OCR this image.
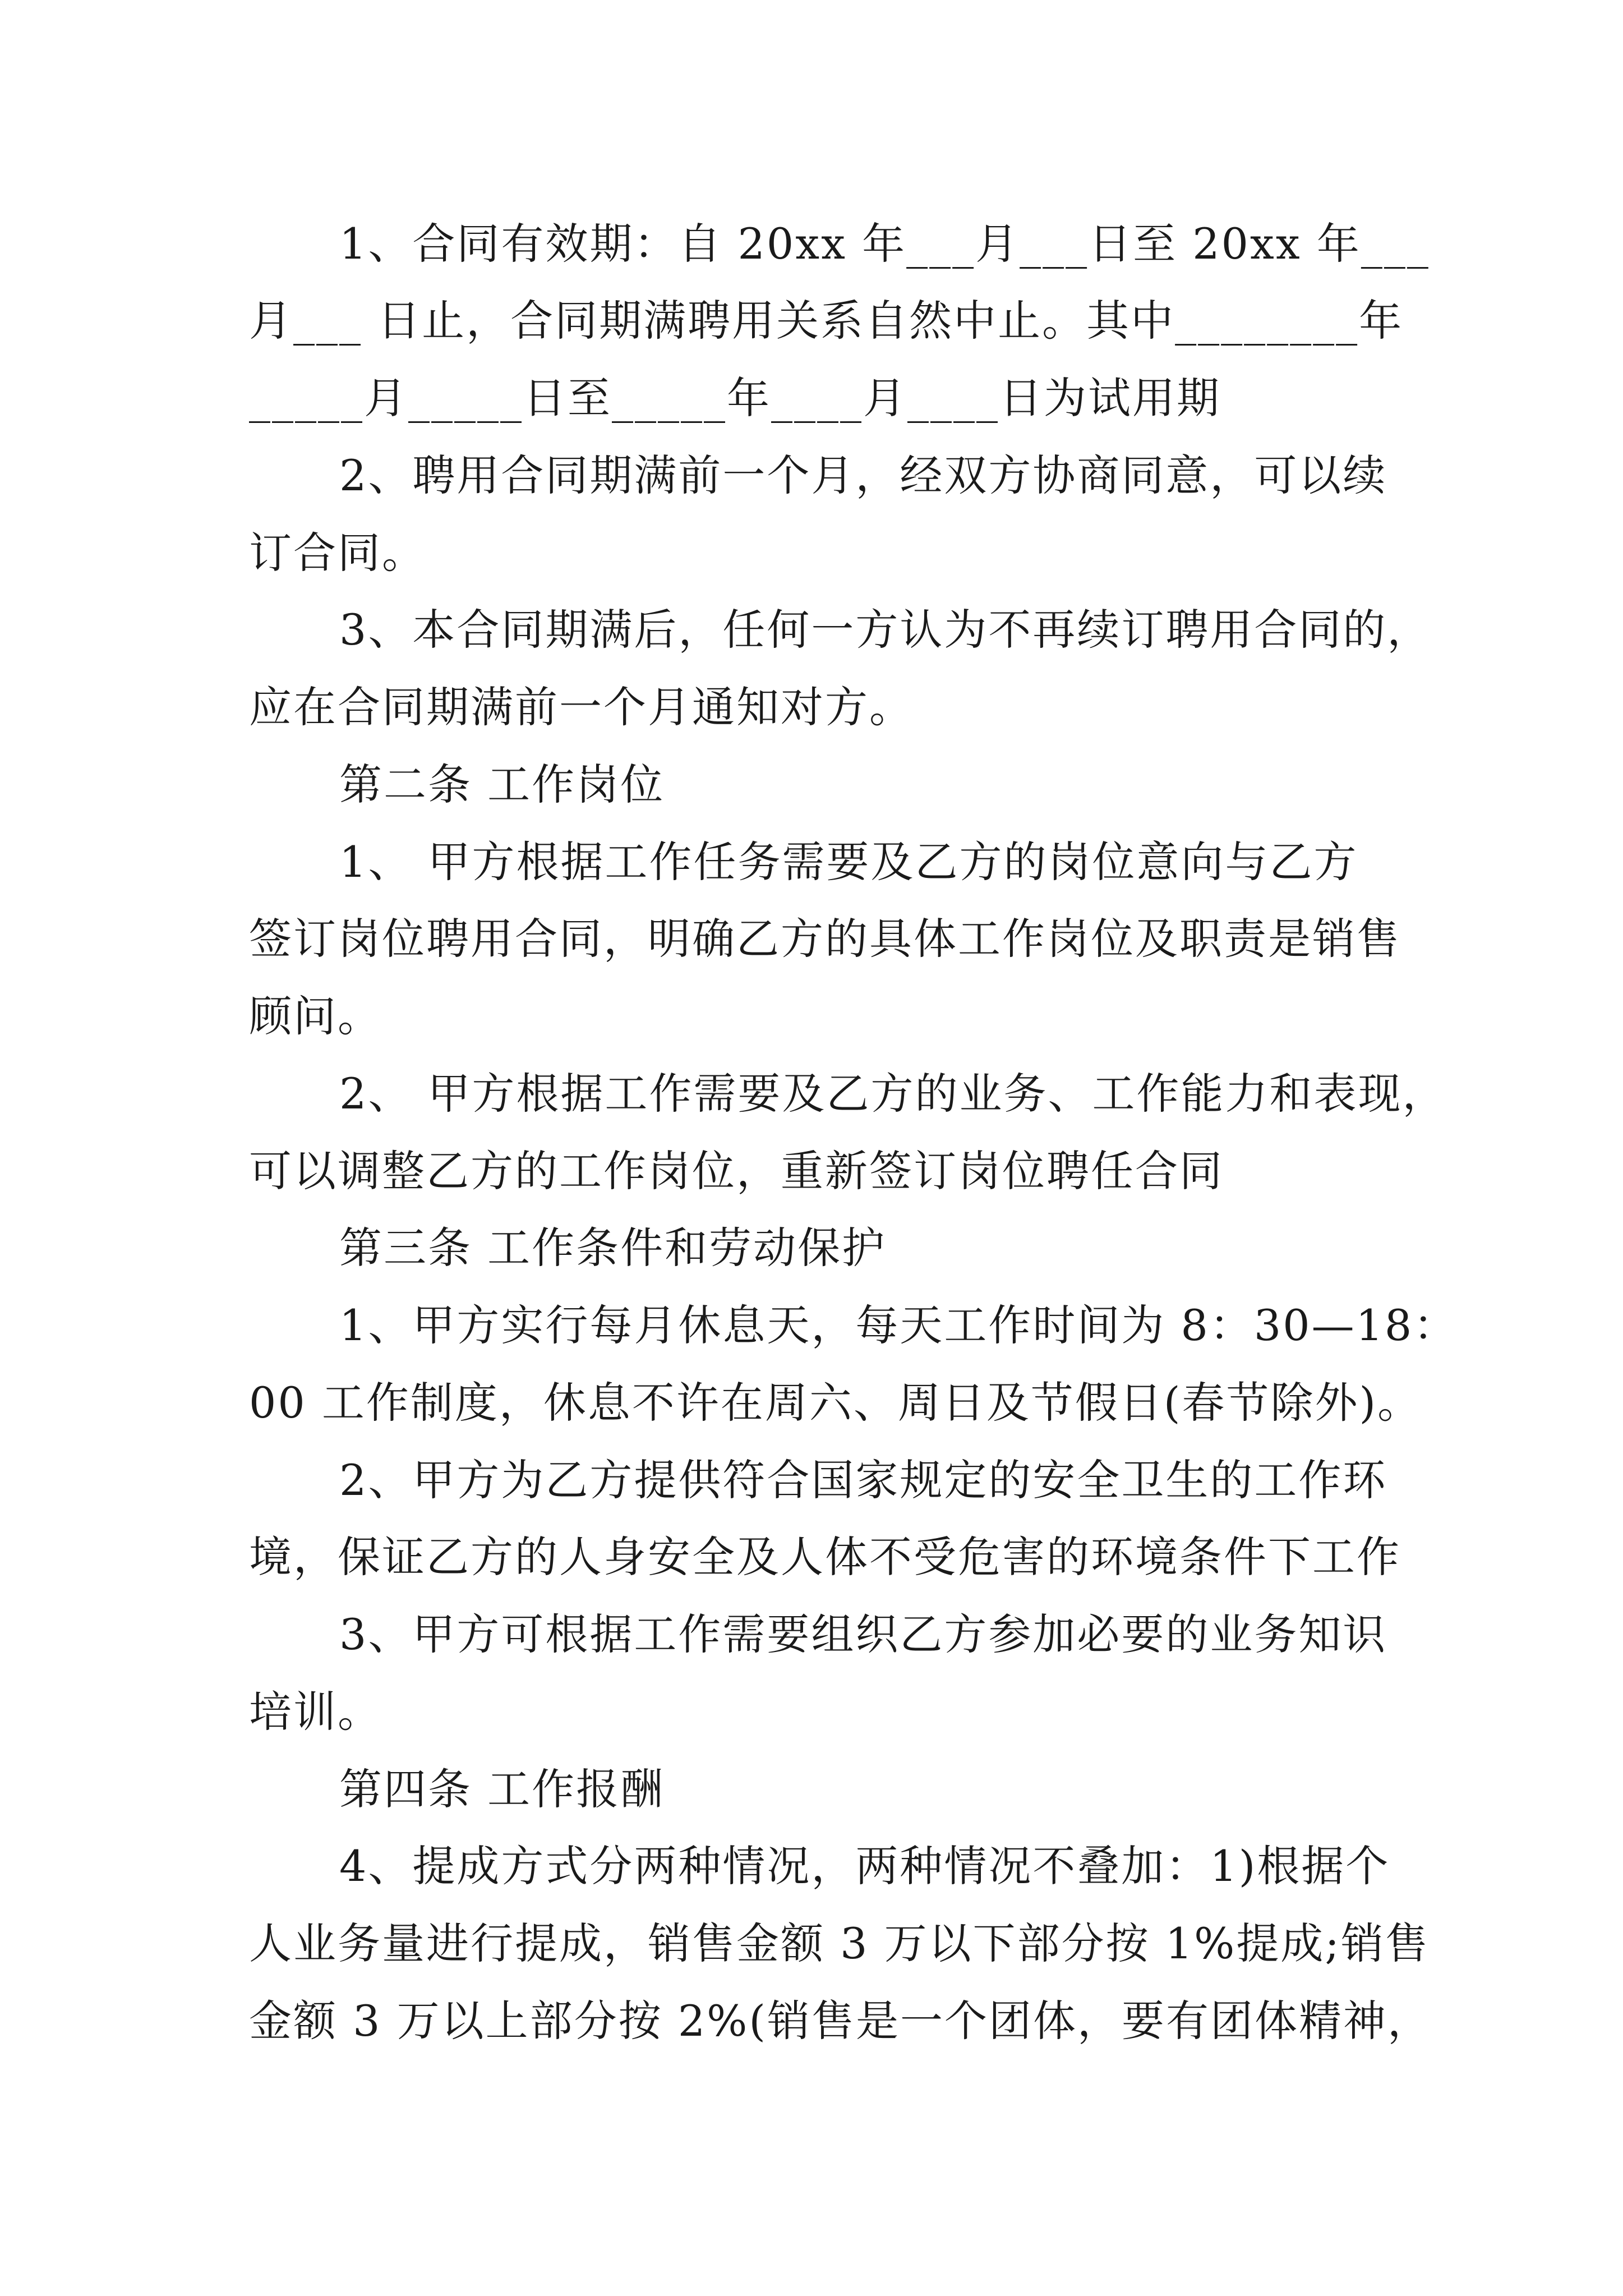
1、合同有效期：自 20xx 年___月___日至 20xx 年___
月___ 日止，合同期满聘用关系自然中止。其中________年
_____月_____日至_____年____月____日为试用期
2、聘用合同期满前一个月，经双方协商同意，可以续
订合同。
3、本合同期满后，任何一方认为不再续订聘用合同的，
应在合同期满前一个月通知对方。
第二条 工作岗位
1、 甲方根据工作任务需要及乙方的岗位意向与乙方
签订岗位聘用合同，明确乙方的具体工作岗位及职责是销售
顾问。
2、 甲方根据工作需要及乙方的业务、工作能力和表现，
可以调整乙方的工作岗位，重新签订岗位聘任合同
第三条 工作条件和劳动保护
1、甲方实行每月休息天，每天工作时间为 8：30—18：
00 工作制度，休息不许在周六、周日及节假日(春节除外)。
2、甲方为乙方提供符合国家规定的安全卫生的工作环
境，保证乙方的人身安全及人体不受危害的环境条件下工作
3、甲方可根据工作需要组织乙方参加必要的业务知识
培训。
第四条 工作报酬
4、提成方式分两种情况，两种情况不叠加：1)根据个
人业务量进行提成，销售金额 3 万以下部分按 1%提成;销售
金额 3 万以上部分按 2%(销售是一个团体，要有团体精神，
